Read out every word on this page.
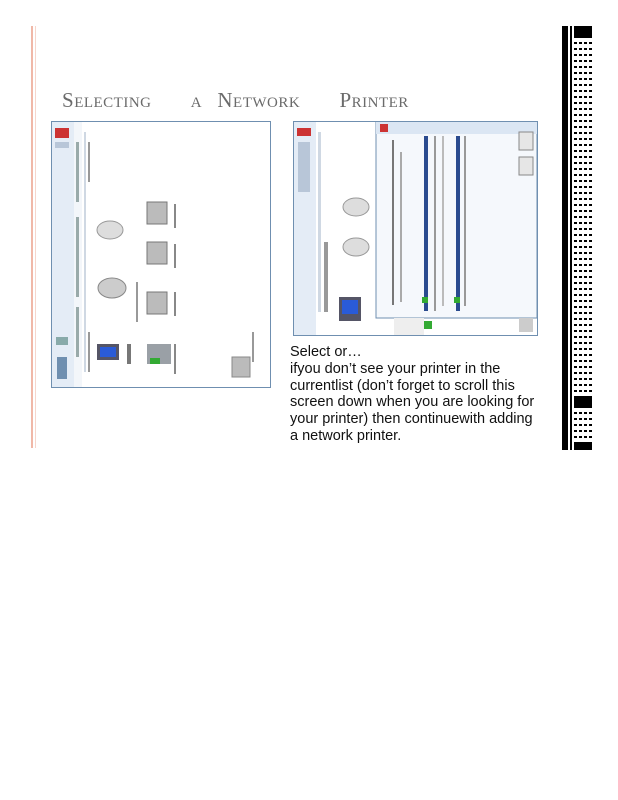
SELECTING	A NETWORK PRINTER
Select or…
ifyou don’t see your printer in the
currentlist (don’t forget to scroll this
screen down when you are looking for
your printer) then continuewith adding
a network printer.
